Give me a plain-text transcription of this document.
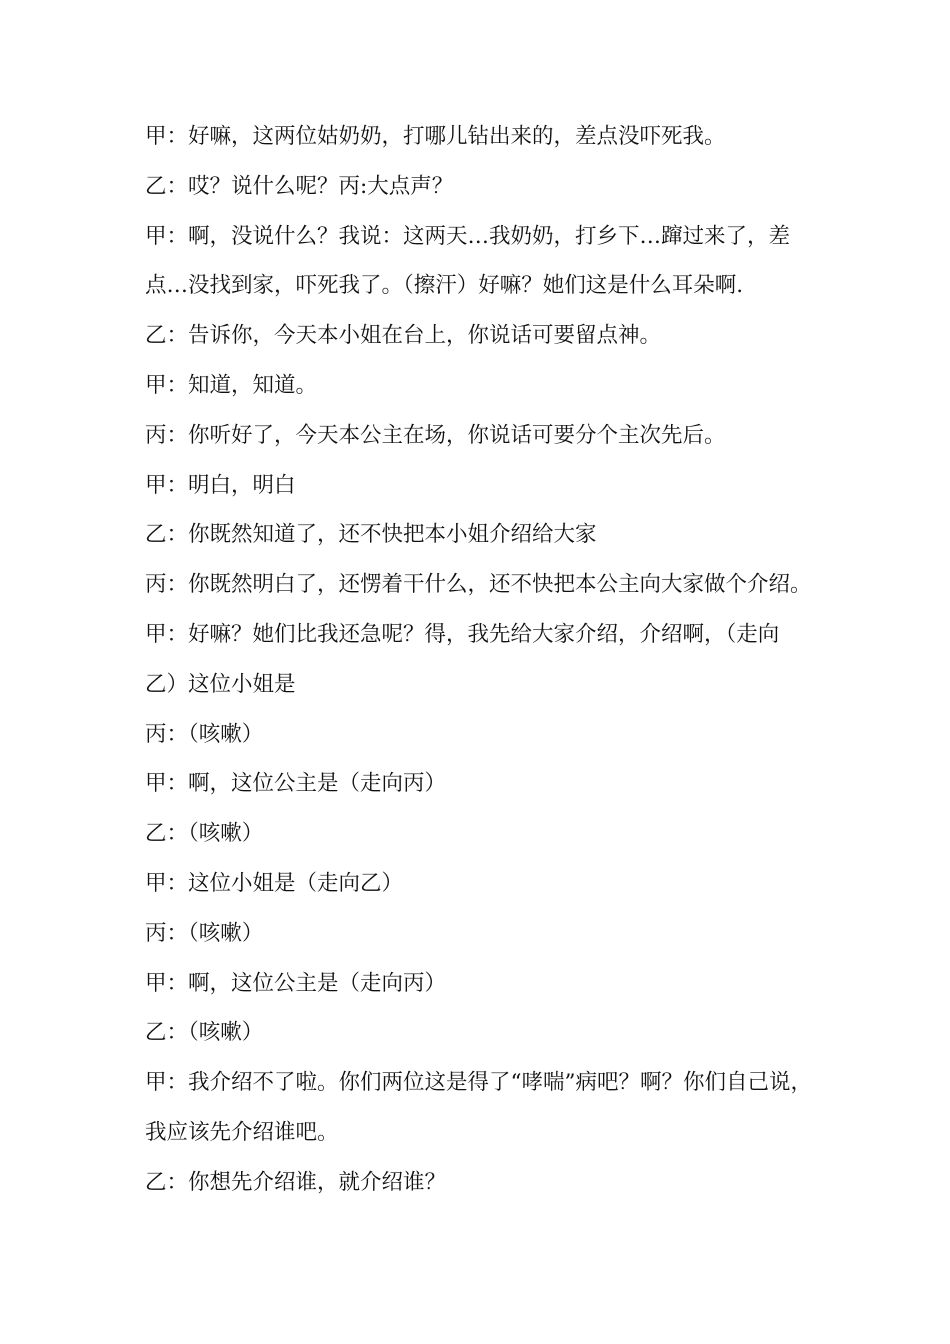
甲：好嘛，这两位姑奶奶，打哪儿钻出来的，差点没吓死我。
乙：哎？说什么呢？丙:大点声？
甲：啊，没说什么？我说：这两天…我奶奶，打乡下…蹿过来了，差
点…没找到家，吓死我了。（擦汗）好嘛？她们这是什么耳朵啊.
乙：告诉你，今天本小姐在台上，你说话可要留点神。
甲：知道，知道。
丙：你听好了，今天本公主在场，你说话可要分个主次先后。
甲：明白，明白
乙：你既然知道了，还不快把本小姐介绍给大家
丙：你既然明白了，还愣着干什么，还不快把本公主向大家做个介绍。
甲：好嘛？她们比我还急呢？得，我先给大家介绍，介绍啊，（走向
乙）这位小姐是
丙：（咳嗽）
甲：啊，这位公主是（走向丙）
乙：（咳嗽）
甲：这位小姐是（走向乙）
丙：（咳嗽）
甲：啊，这位公主是（走向丙）
乙：（咳嗽）
甲：我介绍不了啦。你们两位这是得了“哮喘”病吧？啊？你们自己说，
我应该先介绍谁吧。
乙：你想先介绍谁，就介绍谁？
